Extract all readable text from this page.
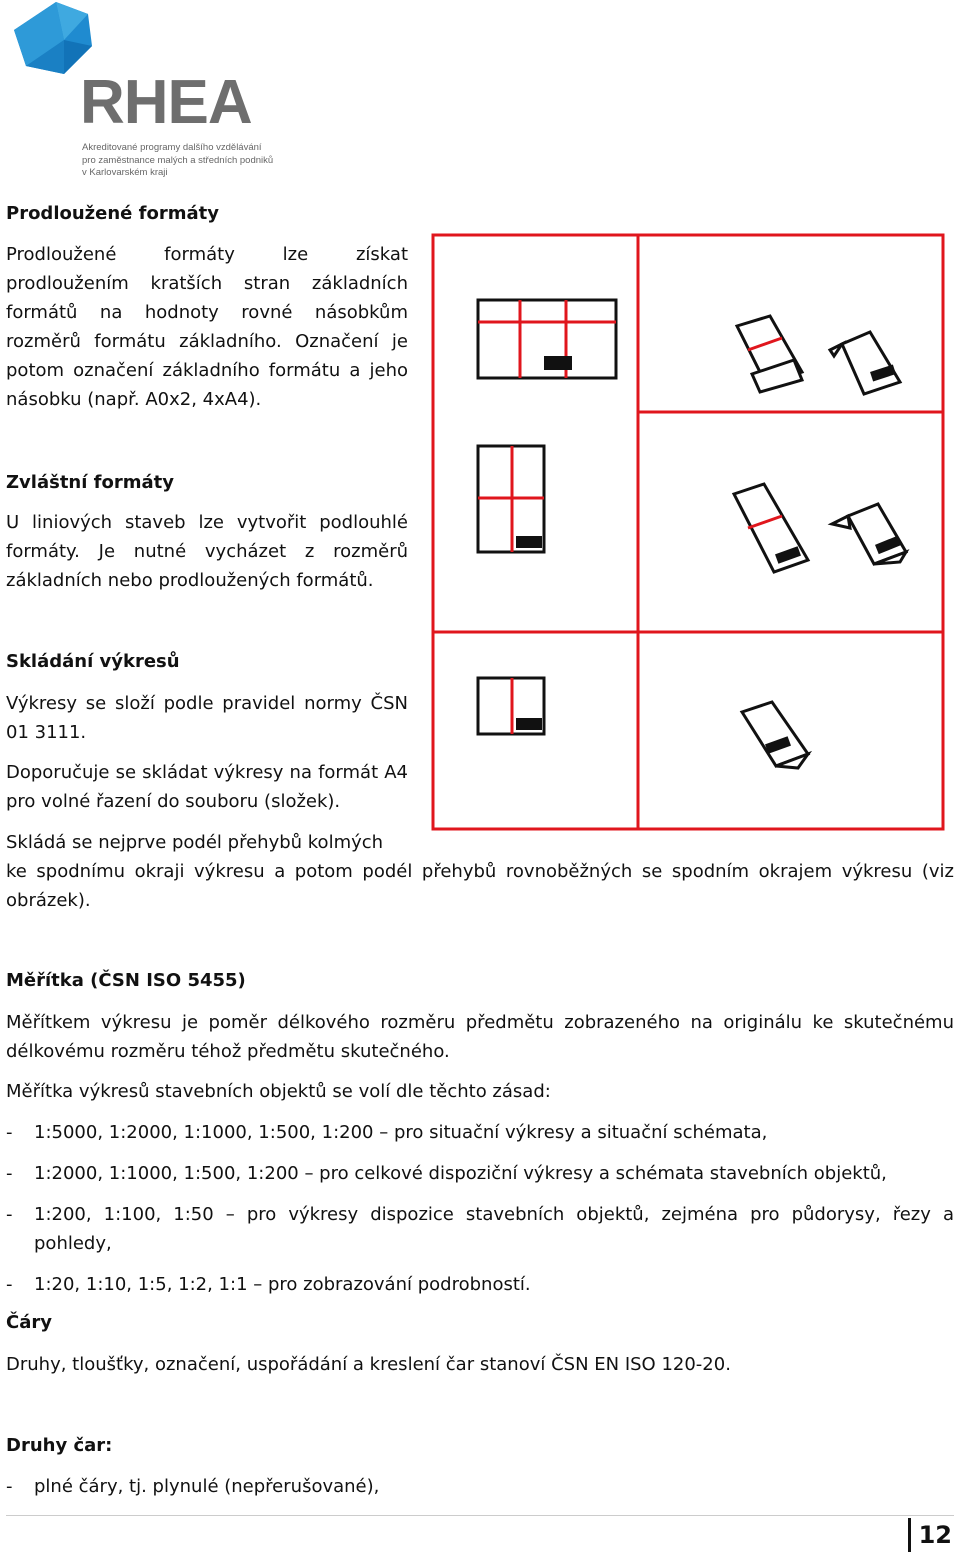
RHEA
Akreditované programy dalšího vzdělávání
pro zaměstnance malých a středních podniků
v Karlovarském kraji
Prodloužené formáty
Prodloužené formáty lze získat prodloužením kratších stran základních formátů na hodnoty rovné násobkům rozměrů formátu základního. Označení je potom označení základního formátu a jeho násobku (např. A0x2, 4xA4).
Zvláštní formáty
U liniových staveb lze vytvořit podlouhlé formáty. Je nutné vycházet z rozměrů základních nebo prodloužených formátů.
Skládání výkresů
Výkresy se složí podle pravidel normy ČSN 01 3111.
Doporučuje se skládat výkresy na formát A4 pro volné řazení do souboru (složek).
Skládá se nejprve podél přehybů kolmých
ke spodnímu okraji výkresu a potom podél přehybů rovnoběžných se spodním okrajem výkresu (viz obrázek).
Měřítka (ČSN ISO 5455)
Měřítkem výkresu je poměr délkového rozměru předmětu zobrazeného na originálu ke skutečnému délkovému rozměru téhož předmětu skutečného.
Měřítka výkresů stavebních objektů se volí dle těchto zásad:
- 1:5000, 1:2000, 1:1000, 1:500, 1:200 – pro situační výkresy a situační schémata,
- 1:2000, 1:1000, 1:500, 1:200 – pro celkové dispoziční výkresy a schémata stavebních objektů,
- 1:200, 1:100, 1:50 – pro výkresy dispozice stavebních objektů, zejména pro půdorysy, řezy a pohledy,
- 1:20, 1:10, 1:5, 1:2, 1:1 – pro zobrazování podrobností.
Čáry
Druhy, tloušťky, označení, uspořádání a kreslení čar stanoví ČSN EN ISO 120-20.
Druhy čar:
- plné čáry, tj. plynulé (nepřerušované),
12
